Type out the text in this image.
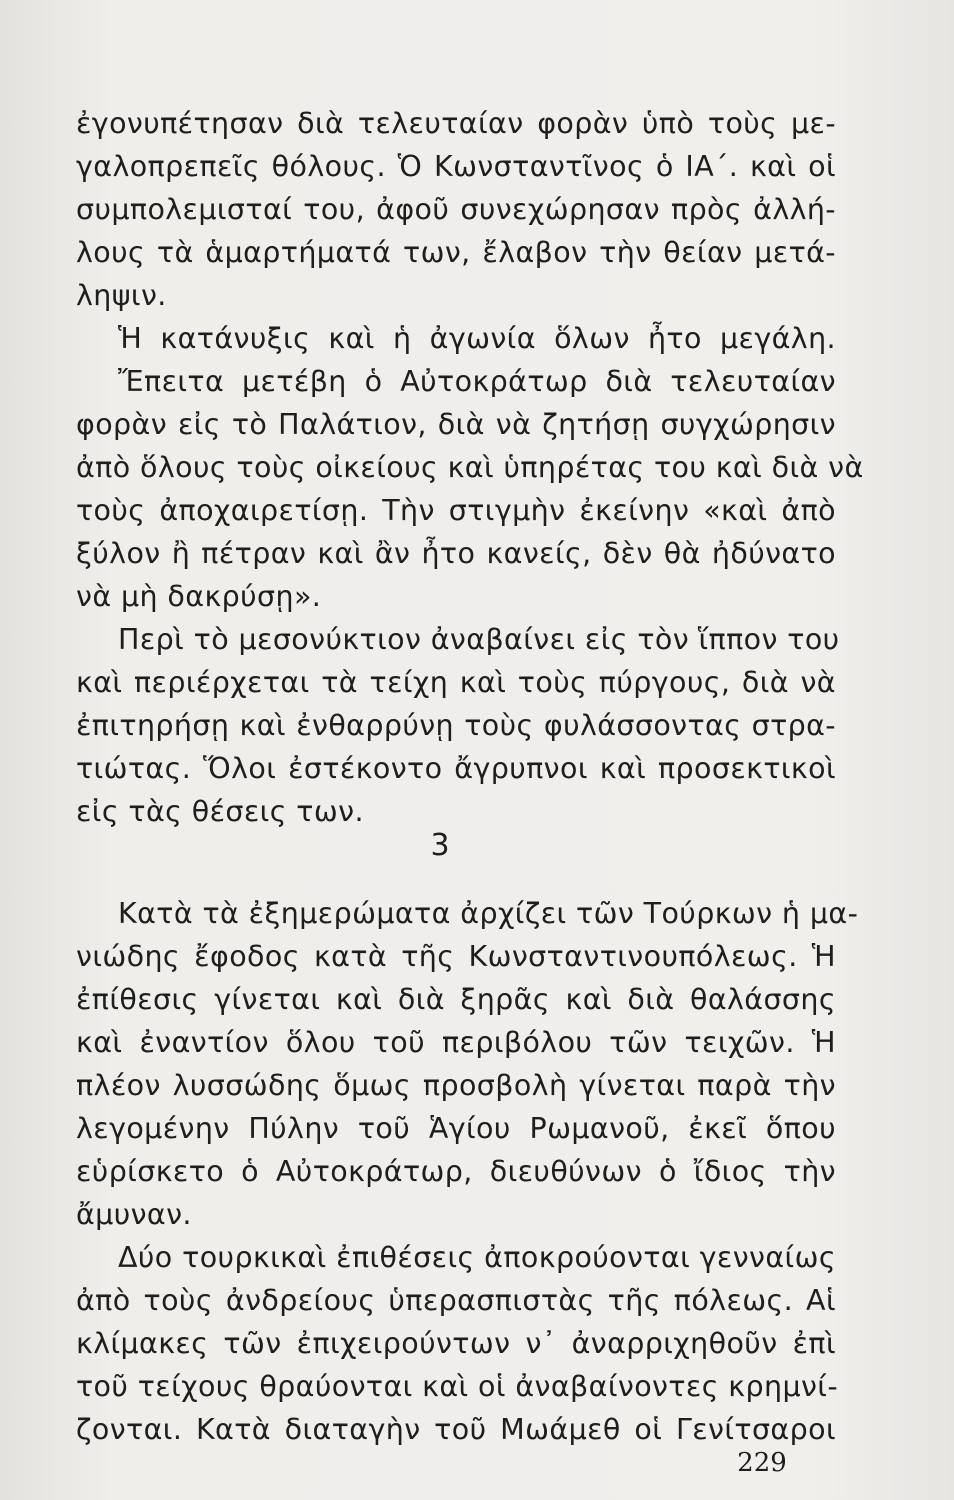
ἐγονυπέτησαν διὰ τελευταίαν φορὰν ὑπὸ τοὺς με-
γαλοπρεπεῖς θόλους. Ὁ Κωνσταντῖνος ὁ ΙΑ΄. καὶ οἱ
συμπολεμισταί του, ἀφοῦ συνεχώρησαν πρὸς ἀλλή-
λους τὰ ἁμαρτήματά των, ἔλαβον τὴν θείαν μετά-
ληψιν.
Ἡ κατάνυξις καὶ ἡ ἀγωνία ὅλων ἦτο μεγάλη.
Ἔπειτα μετέβη ὁ Αὐτοκράτωρ διὰ τελευταίαν
φορὰν εἰς τὸ Παλάτιον, διὰ νὰ ζητήσῃ συγχώρησιν
ἀπὸ ὅλους τοὺς οἰκείους καὶ ὑπηρέτας του καὶ διὰ νὰ
τοὺς ἀποχαιρετίσῃ. Τὴν στιγμὴν ἐκείνην «καὶ ἀπὸ
ξύλον ἢ πέτραν καὶ ἂν ἦτο κανείς, δὲν θὰ ἠδύνατο
νὰ μὴ δακρύσῃ».
Περὶ τὸ μεσονύκτιον ἀναβαίνει εἰς τὸν ἵππον του
καὶ περιέρχεται τὰ τείχη καὶ τοὺς πύργους, διὰ νὰ
ἐπιτηρήσῃ καὶ ἐνθαρρύνῃ τοὺς φυλάσσοντας στρα-
τιώτας. Ὅλοι ἐστέκοντο ἄγρυπνοι καὶ προσεκτικοὶ
εἰς τὰς θέσεις των.
Κατὰ τὰ ἐξημερώματα ἀρχίζει τῶν Τούρκων ἡ μα-
νιώδης ἔφοδος κατὰ τῆς Κωνσταντινουπόλεως. Ἡ
ἐπίθεσις γίνεται καὶ διὰ ξηρᾶς καὶ διὰ θαλάσσης
καὶ ἐναντίον ὅλου τοῦ περιβόλου τῶν τειχῶν. Ἡ
πλέον λυσσώδης ὅμως προσβολὴ γίνεται παρὰ τὴν
λεγομένην Πύλην τοῦ Ἁγίου Ρωμανοῦ, ἐκεῖ ὅπου
εὑρίσκετο ὁ Αὐτοκράτωρ, διευθύνων ὁ ἴδιος τὴν
ἄμυναν.
Δύο τουρκικαὶ ἐπιθέσεις ἀποκρούονται γενναίως
ἀπὸ τοὺς ἀνδρείους ὑπερασπιστὰς τῆς πόλεως. Αἱ
κλίμακες τῶν ἐπιχειρούντων ν᾽ ἀναρριχηθοῦν ἐπὶ
τοῦ τείχους θραύονται καὶ οἱ ἀναβαίνοντες κρημνί-
ζονται. Κατὰ διαταγὴν τοῦ Μωάμεθ οἱ Γενίτσαροι
3
229
